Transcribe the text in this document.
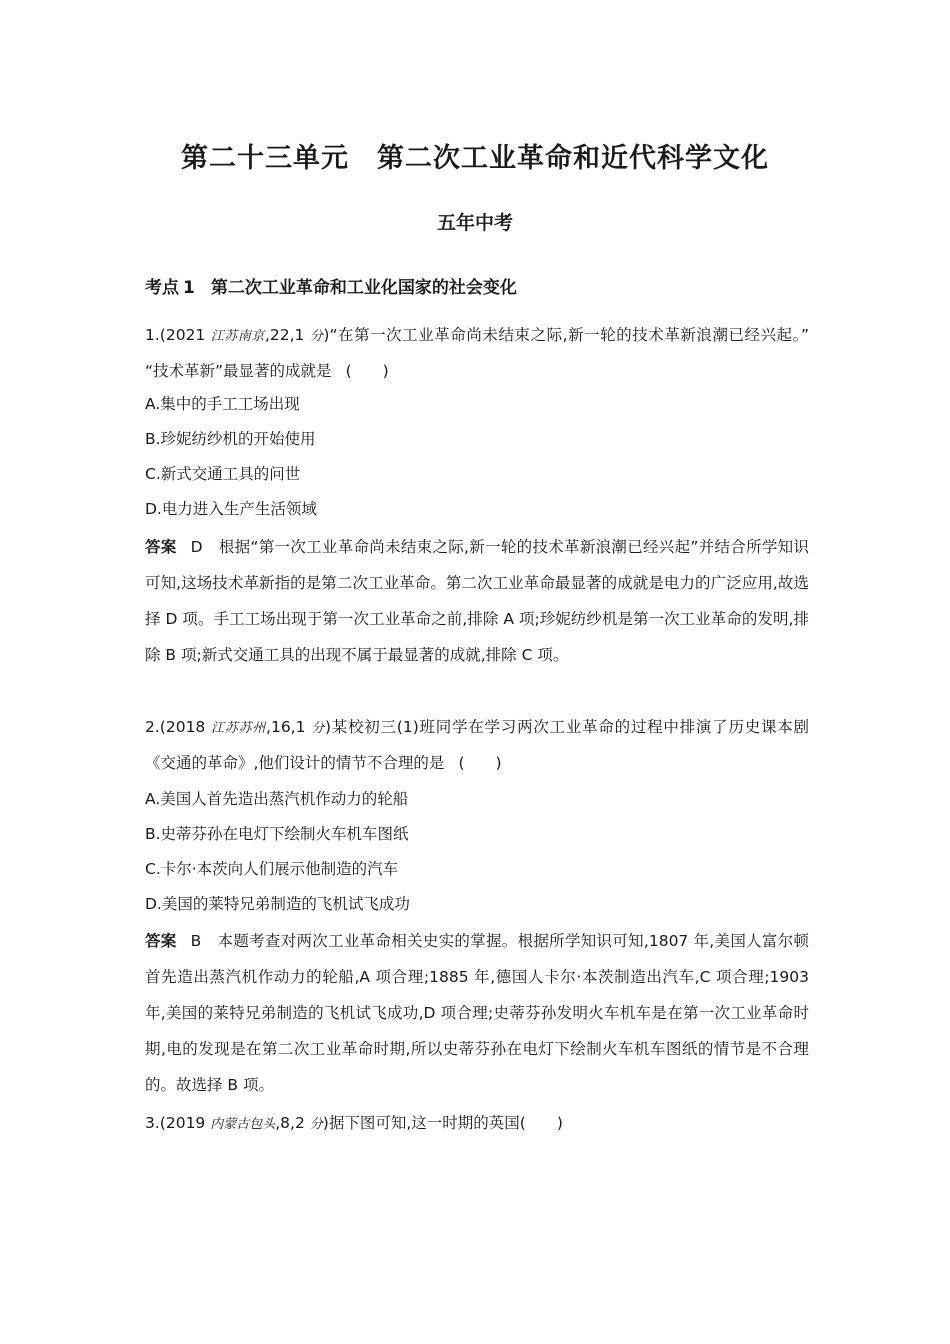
第二十三单元　第二次工业革命和近代科学文化
五年中考
考点 1 第二次工业革命和工业化国家的社会变化
1.(2021 江苏南京,22,1 分)“在第一次工业革命尚未结束之际,新一轮的技术革新浪潮已经兴起。” “技术革新”最显著的成就是 (　　)
A.集中的手工工场出现
B.珍妮纺纱机的开始使用
C.新式交通工具的问世
D.电力进入生产生活领域
答案 D 根据“第一次工业革命尚未结束之际,新一轮的技术革新浪潮已经兴起”并结合所学知识可知,这场技术革新指的是第二次工业革命。第二次工业革命最显著的成就是电力的广泛应用,故选择 D 项。手工工场出现于第一次工业革命之前,排除 A 项;珍妮纺纱机是第一次工业革命的发明,排除 B 项;新式交通工具的出现不属于最显著的成就,排除 C 项。
2.(2018 江苏苏州,16,1 分)某校初三(1)班同学在学习两次工业革命的过程中排演了历史课本剧《交通的革命》,他们设计的情节不合理的是 (　　)
A.美国人首先造出蒸汽机作动力的轮船
B.史蒂芬孙在电灯下绘制火车机车图纸
C.卡尔·本茨向人们展示他制造的汽车
D.美国的莱特兄弟制造的飞机试飞成功
答案 B 本题考查对两次工业革命相关史实的掌握。根据所学知识可知,1807 年,美国人富尔顿首先造出蒸汽机作动力的轮船,A 项合理;1885 年,德国人卡尔·本茨制造出汽车,C 项合理;1903 年,美国的莱特兄弟制造的飞机试飞成功,D 项合理;史蒂芬孙发明火车机车是在第一次工业革命时期,电的发现是在第二次工业革命时期,所以史蒂芬孙在电灯下绘制火车机车图纸的情节是不合理的。故选择 B 项。
3.(2019 内蒙古包头,8,2 分)据下图可知,这一时期的英国(　　)
